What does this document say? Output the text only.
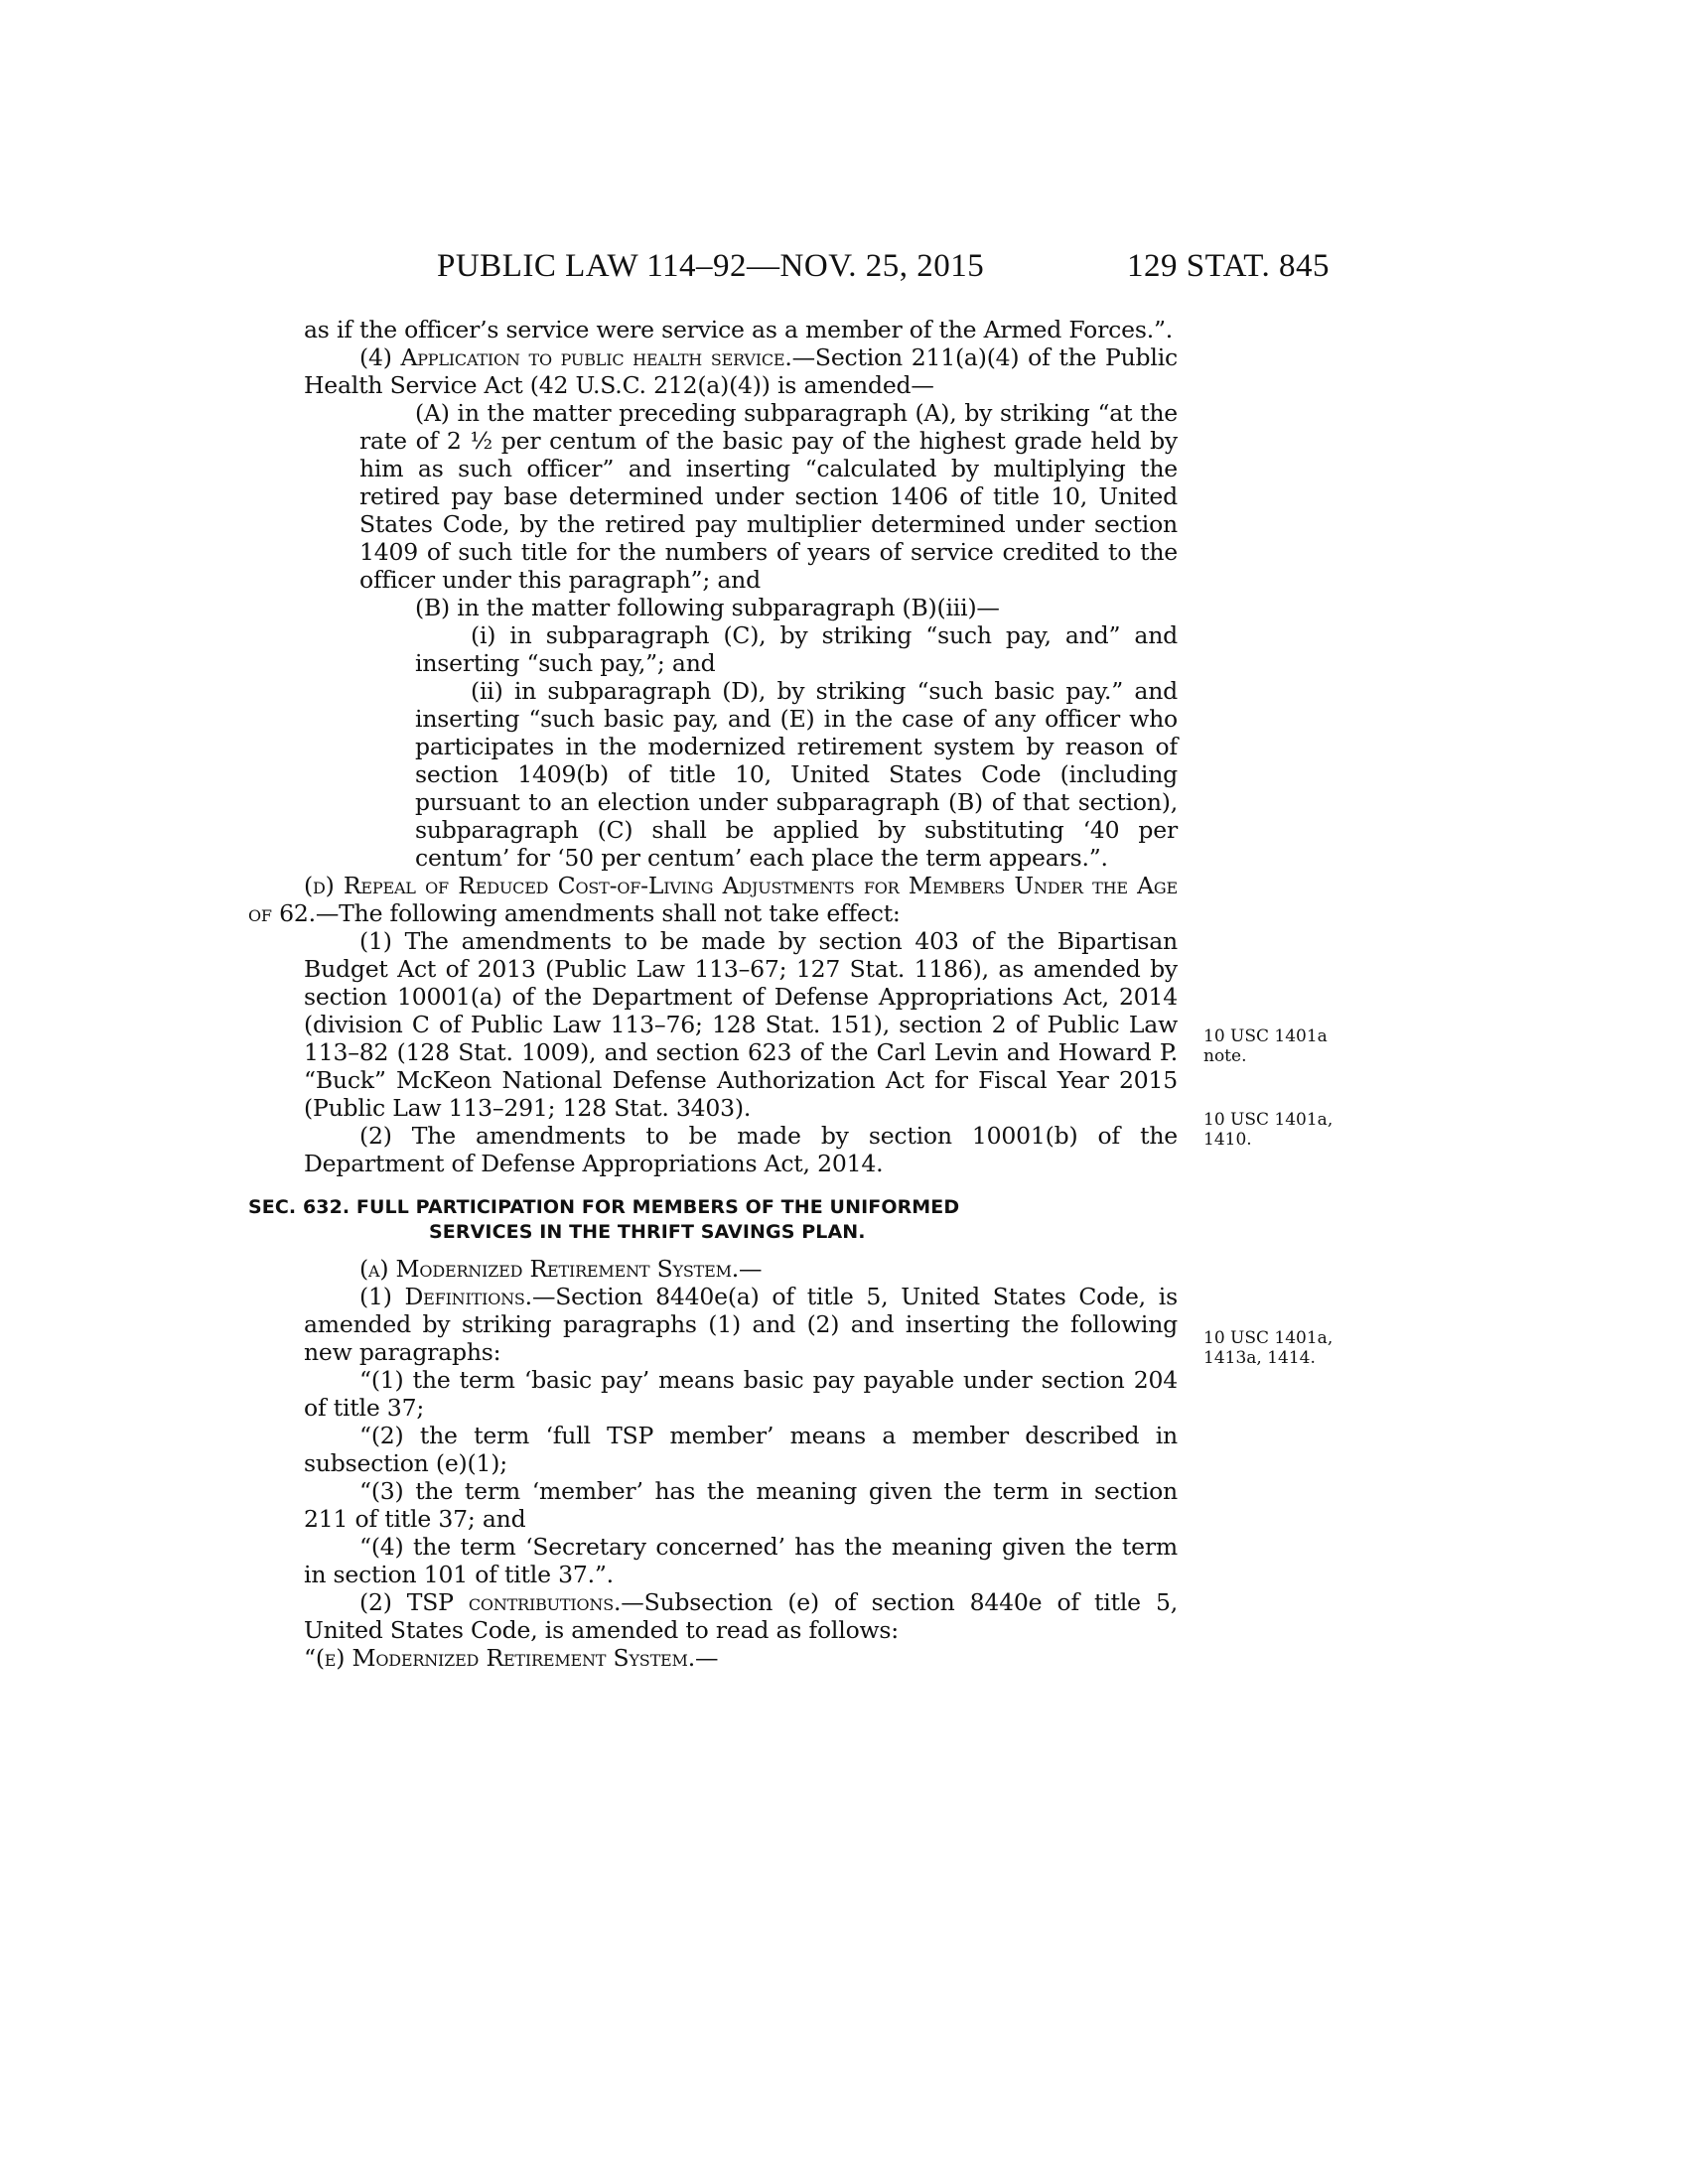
PUBLIC LAW 114–92—NOV. 25, 2015	129 STAT. 845

as if the officer’s service were service as a member of the Armed Forces.”.

(4) Application to public health service.—Section 211(a)(4) of the Public Health Service Act (42 U.S.C. 212(a)(4)) is amended—

(A) in the matter preceding subparagraph (A), by striking “at the rate of 2 ½ per centum of the basic pay of the highest grade held by him as such officer” and inserting “calculated by multiplying the retired pay base determined under section 1406 of title 10, United States Code, by the retired pay multiplier determined under section 1409 of such title for the numbers of years of service credited to the officer under this paragraph”; and

(B) in the matter following subparagraph (B)(iii)—

(i) in subparagraph (C), by striking “such pay, and” and inserting “such pay,”; and

(ii) in subparagraph (D), by striking “such basic pay.” and inserting “such basic pay, and (E) in the case of any officer who participates in the modernized retirement system by reason of section 1409(b) of title 10, United States Code (including pursuant to an election under subparagraph (B) of that section), subparagraph (C) shall be applied by substituting ‘40 per centum’ for ‘50 per centum’ each place the term appears.”.

(d) Repeal of Reduced Cost-of-Living Adjustments for Members Under the Age of 62.—The following amendments shall not take effect:

(1) The amendments to be made by section 403 of the Bipartisan Budget Act of 2013 (Public Law 113–67; 127 Stat. 1186), as amended by section 10001(a) of the Department of Defense Appropriations Act, 2014 (division C of Public Law 113–76; 128 Stat. 151), section 2 of Public Law 113–82 (128 Stat. 1009), and section 623 of the Carl Levin and Howard P. “Buck” McKeon National Defense Authorization Act for Fiscal Year 2015 (Public Law 113–291; 128 Stat. 3403).

(2) The amendments to be made by section 10001(b) of the Department of Defense Appropriations Act, 2014.

SEC. 632. FULL PARTICIPATION FOR MEMBERS OF THE UNIFORMED
SERVICES IN THE THRIFT SAVINGS PLAN.

(a) Modernized Retirement System.—

(1) Definitions.—Section 8440e(a) of title 5, United States Code, is amended by striking paragraphs (1) and (2) and inserting the following new paragraphs:

“(1) the term ‘basic pay’ means basic pay payable under section 204 of title 37;

“(2) the term ‘full TSP member’ means a member described in subsection (e)(1);

“(3) the term ‘member’ has the meaning given the term in section 211 of title 37; and

“(4) the term ‘Secretary concerned’ has the meaning given the term in section 101 of title 37.”.

(2) TSP contributions.—Subsection (e) of section 8440e of title 5, United States Code, is amended to read as follows:

“(e) Modernized Retirement System.—

10 USC 1401a note.
10 USC 1401a, 1410.
10 USC 1401a, 1413a, 1414.
